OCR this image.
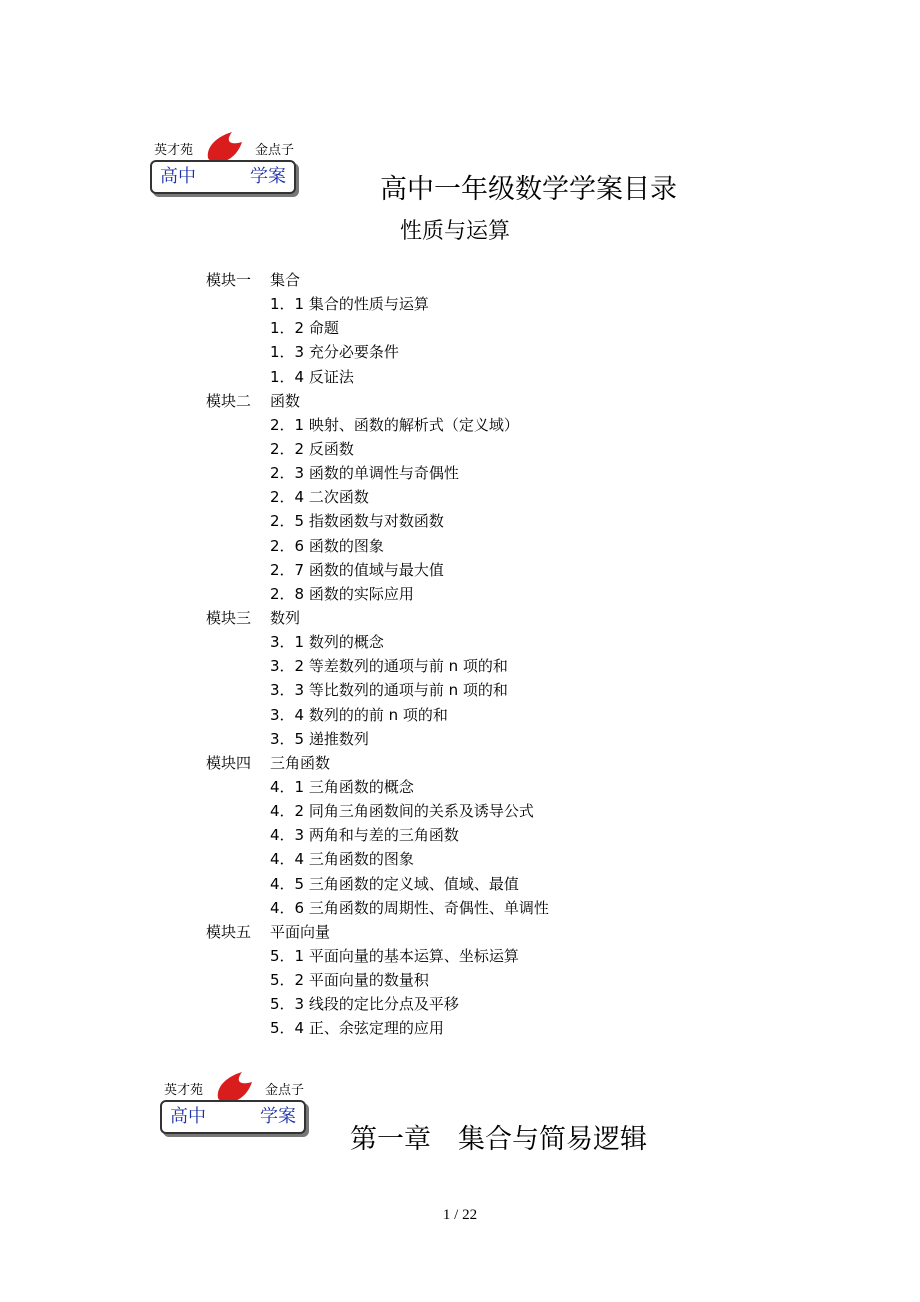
英才苑	金点子
高中	学案	高中一年级数学学案目录
性质与运算
模块一 集合
1．1 集合的性质与运算
1．2 命题
1．3 充分必要条件
1．4 反证法
模块二 函数
2．1 映射、函数的解析式（定义域）
2．2 反函数
2．3 函数的单调性与奇偶性
2．4 二次函数
2．5 指数函数与对数函数
2．6 函数的图象
2．7 函数的值域与最大值
2．8 函数的实际应用
模块三 数列
3．1 数列的概念
3．2 等差数列的通项与前 n 项的和
3．3 等比数列的通项与前 n 项的和
3．4 数列的的前 n 项的和
3．5 递推数列
模块四 三角函数
4．1 三角函数的概念
4．2 同角三角函数间的关系及诱导公式
4．3 两角和与差的三角函数
4．4 三角函数的图象
4．5 三角函数的定义域、值域、最值
4．6 三角函数的周期性、奇偶性、单调性
模块五 平面向量
5．1 平面向量的基本运算、坐标运算
5．2 平面向量的数量积
5．3 线段的定比分点及平移
5．4 正、余弦定理的应用
英才苑	金点子
高中	学案
第一章　集合与简易逻辑
1 / 22
